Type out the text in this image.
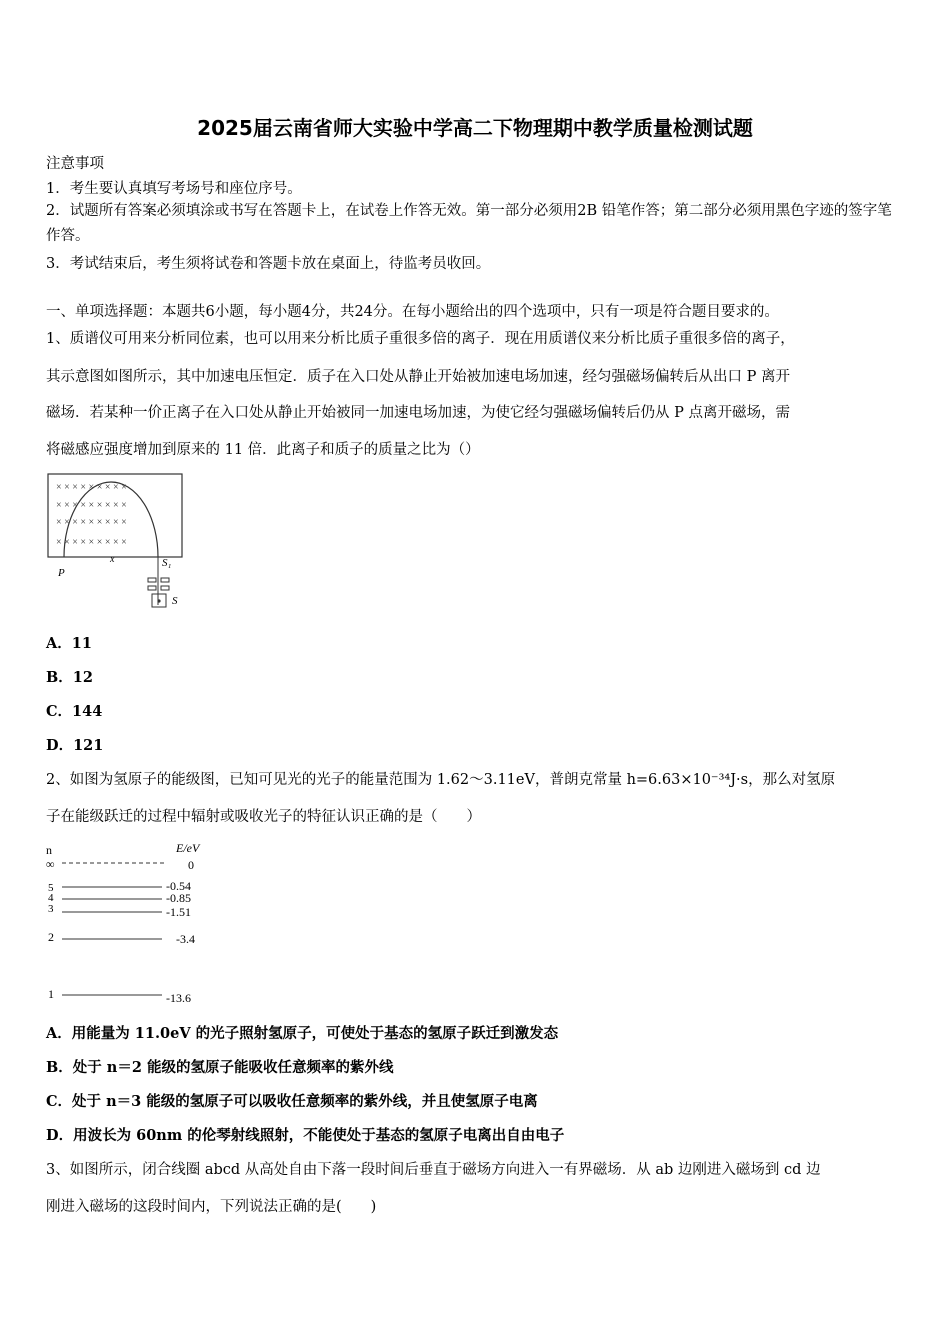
2025届云南省师大实验中学高二下物理期中教学质量检测试题
注意事项
1．考生要认真填写考场号和座位序号。
2．试题所有答案必须填涂或书写在答题卡上，在试卷上作答无效。第一部分必须用2B 铅笔作答；第二部分必须用黑色字迹的签字笔作答。
3．考试结束后，考生须将试卷和答题卡放在桌面上，待监考员收回。
一、单项选择题：本题共6小题，每小题4分，共24分。在每小题给出的四个选项中，只有一项是符合题目要求的。
1、质谱仪可用来分析同位素，也可以用来分析比质子重很多倍的离子．现在用质谱仪来分析比质子重很多倍的离子，
其示意图如图所示，其中加速电压恒定．质子在入口处从静止开始被加速电场加速，经匀强磁场偏转后从出口 P 离开
磁场．若某种一价正离子在入口处从静止开始被同一加速电场加速，为使它经匀强磁场偏转后仍从 P 点离开磁场，需
将磁感应强度增加到原来的 11 倍．此离子和质子的质量之比为（）
× × × × × × × × ×
× × × × × × × × ×
× × × × × × × × ×
× × × × × × × × ×
x
P
S₁
S
A．11
B．12
C．144
D．121
2、如图为氢原子的能级图，已知可见光的光子的能量范围为 1.62～3.11eV，普朗克常量 h=6.63×10⁻³⁴J·s，那么对氢原
子在能级跃迁的过程中辐射或吸收光子的特征认识正确的是（　　）
n	E/eV
∞	0
5	-0.54
4	-0.85
3	-1.51
2	-3.4
1	-13.6
A．用能量为 11.0eV 的光子照射氢原子，可使处于基态的氢原子跃迁到激发态
B．处于 n＝2 能级的氢原子能吸收任意频率的紫外线
C．处于 n＝3 能级的氢原子可以吸收任意频率的紫外线，并且使氢原子电离
D．用波长为 60nm 的伦琴射线照射，不能使处于基态的氢原子电离出自由电子
3、如图所示，闭合线圈 abcd 从高处自由下落一段时间后垂直于磁场方向进入一有界磁场．从 ab 边刚进入磁场到 cd 边
刚进入磁场的这段时间内，下列说法正确的是(　　)
